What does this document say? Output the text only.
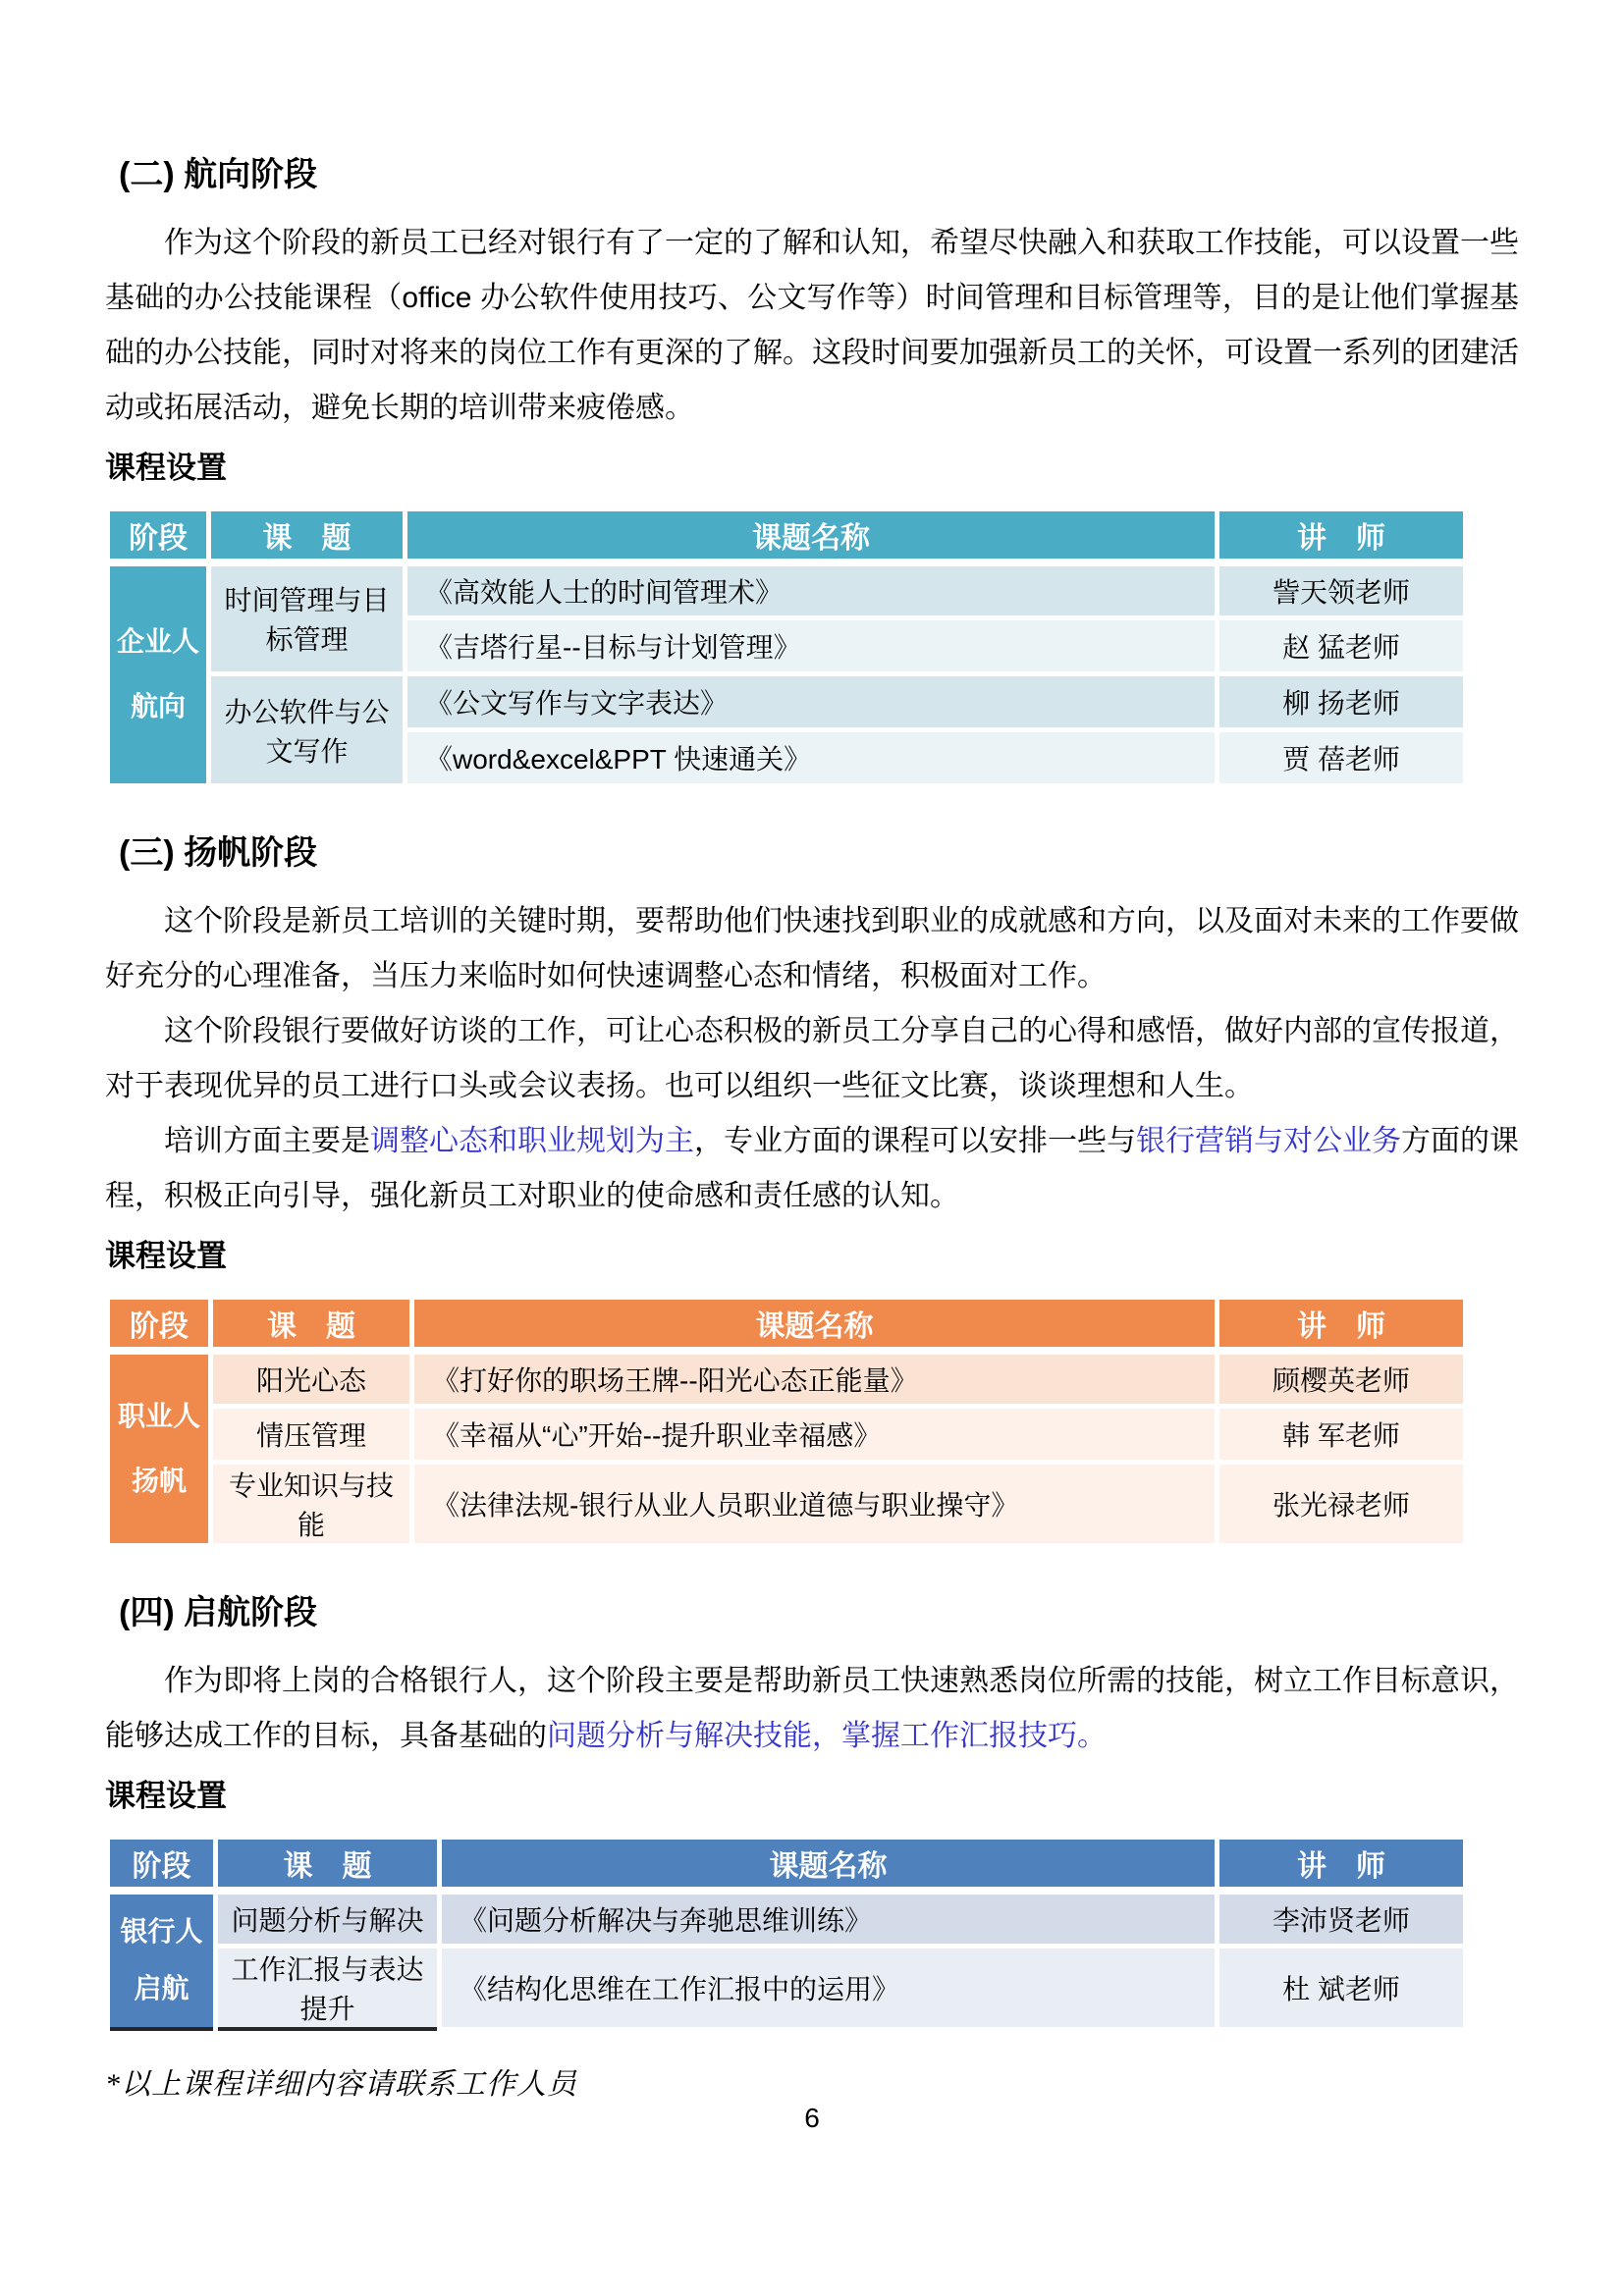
(二) 航向阶段

作为这个阶段的新员工已经对银行有了一定的了解和认知，希望尽快融入和获取工作技能，可以设置一些基础的办公技能课程（office 办公软件使用技巧、公文写作等）时间管理和目标管理等，目的是让他们掌握基础的办公技能，同时对将来的岗位工作有更深的了解。这段时间要加强新员工的关怀，可设置一系列的团建活动或拓展活动，避免长期的培训带来疲倦感。

课程设置
阶段	课　题	课题名称	讲　师

企业人
航向	时间管理与目标管理	《高效能人士的时间管理术》	訾天领老师
		《吉塔行星--目标与计划管理》	赵 猛老师
	办公软件与公文写作	《公文写作与文字表达》	柳 扬老师
		《word&excel&PPT 快速通关》	贾 蓓老师
(三) 扬帆阶段

这个阶段是新员工培训的关键时期，要帮助他们快速找到职业的成就感和方向，以及面对未来的工作要做好充分的心理准备，当压力来临时如何快速调整心态和情绪，积极面对工作。

这个阶段银行要做好访谈的工作，可让心态积极的新员工分享自己的心得和感悟，做好内部的宣传报道，对于表现优异的员工进行口头或会议表扬。也可以组织一些征文比赛，谈谈理想和人生。

培训方面主要是调整心态和职业规划为主，专业方面的课程可以安排一些与银行营销与对公业务方面的课程，积极正向引导，强化新员工对职业的使命感和责任感的认知。

课程设置
阶段	课　题	课题名称	讲　师

职业人
扬帆	阳光心态	《打好你的职场王牌--阳光心态正能量》	顾樱英老师
	情压管理	《幸福从“心”开始--提升职业幸福感》	韩 军老师
	专业知识与技能	《法律法规-银行从业人员职业道德与职业操守》	张光禄老师
(四) 启航阶段

作为即将上岗的合格银行人，这个阶段主要是帮助新员工快速熟悉岗位所需的技能，树立工作目标意识，能够达成工作的目标，具备基础的问题分析与解决技能，掌握工作汇报技巧。

课程设置
阶段	课　题	课题名称	讲　师

银行人
启航	问题分析与解决	《问题分析解决与奔驰思维训练》	李沛贤老师
	工作汇报与表达提升	《结构化思维在工作汇报中的运用》	杜 斌老师
*以上课程详细内容请联系工作人员
6
